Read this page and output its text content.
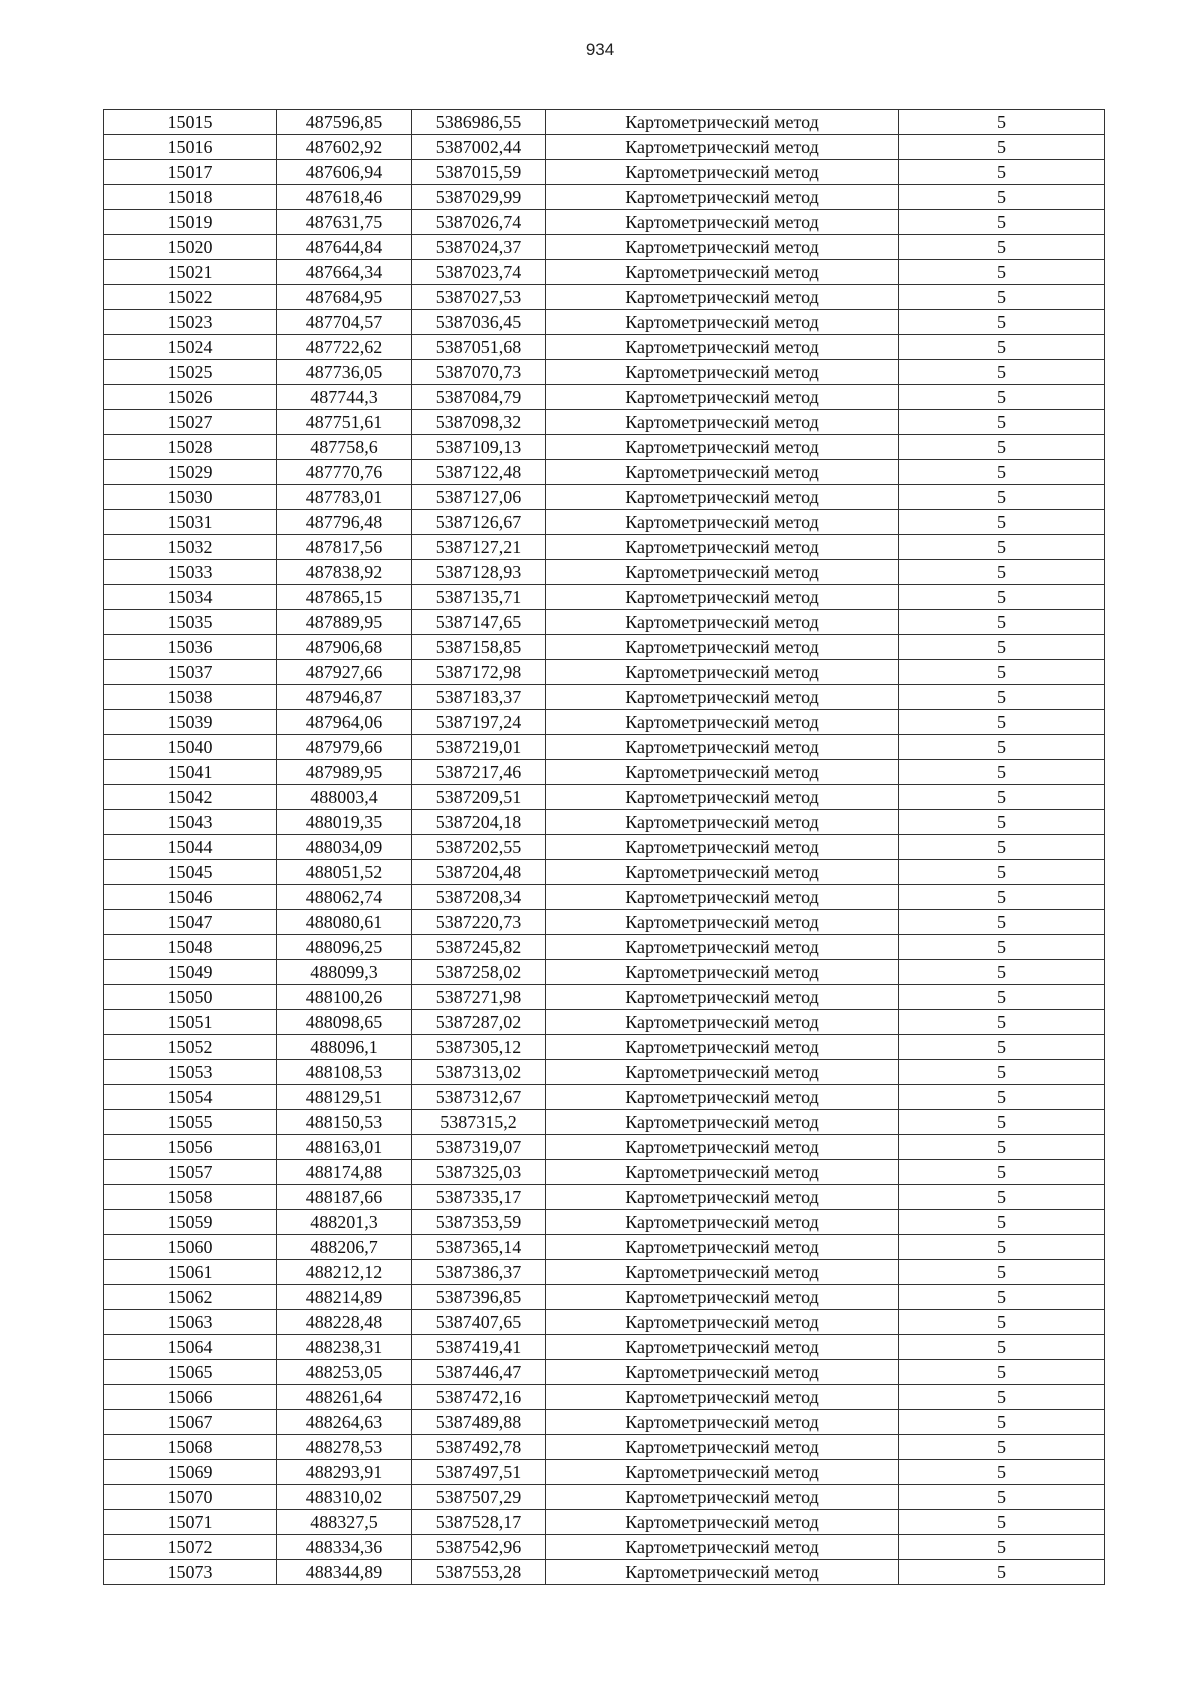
934
15015	487596,85	5386986,55	Картометрический метод	5
15016	487602,92	5387002,44	Картометрический метод	5
15017	487606,94	5387015,59	Картометрический метод	5
15018	487618,46	5387029,99	Картометрический метод	5
15019	487631,75	5387026,74	Картометрический метод	5
15020	487644,84	5387024,37	Картометрический метод	5
15021	487664,34	5387023,74	Картометрический метод	5
15022	487684,95	5387027,53	Картометрический метод	5
15023	487704,57	5387036,45	Картометрический метод	5
15024	487722,62	5387051,68	Картометрический метод	5
15025	487736,05	5387070,73	Картометрический метод	5
15026	487744,3	5387084,79	Картометрический метод	5
15027	487751,61	5387098,32	Картометрический метод	5
15028	487758,6	5387109,13	Картометрический метод	5
15029	487770,76	5387122,48	Картометрический метод	5
15030	487783,01	5387127,06	Картометрический метод	5
15031	487796,48	5387126,67	Картометрический метод	5
15032	487817,56	5387127,21	Картометрический метод	5
15033	487838,92	5387128,93	Картометрический метод	5
15034	487865,15	5387135,71	Картометрический метод	5
15035	487889,95	5387147,65	Картометрический метод	5
15036	487906,68	5387158,85	Картометрический метод	5
15037	487927,66	5387172,98	Картометрический метод	5
15038	487946,87	5387183,37	Картометрический метод	5
15039	487964,06	5387197,24	Картометрический метод	5
15040	487979,66	5387219,01	Картометрический метод	5
15041	487989,95	5387217,46	Картометрический метод	5
15042	488003,4	5387209,51	Картометрический метод	5
15043	488019,35	5387204,18	Картометрический метод	5
15044	488034,09	5387202,55	Картометрический метод	5
15045	488051,52	5387204,48	Картометрический метод	5
15046	488062,74	5387208,34	Картометрический метод	5
15047	488080,61	5387220,73	Картометрический метод	5
15048	488096,25	5387245,82	Картометрический метод	5
15049	488099,3	5387258,02	Картометрический метод	5
15050	488100,26	5387271,98	Картометрический метод	5
15051	488098,65	5387287,02	Картометрический метод	5
15052	488096,1	5387305,12	Картометрический метод	5
15053	488108,53	5387313,02	Картометрический метод	5
15054	488129,51	5387312,67	Картометрический метод	5
15055	488150,53	5387315,2	Картометрический метод	5
15056	488163,01	5387319,07	Картометрический метод	5
15057	488174,88	5387325,03	Картометрический метод	5
15058	488187,66	5387335,17	Картометрический метод	5
15059	488201,3	5387353,59	Картометрический метод	5
15060	488206,7	5387365,14	Картометрический метод	5
15061	488212,12	5387386,37	Картометрический метод	5
15062	488214,89	5387396,85	Картометрический метод	5
15063	488228,48	5387407,65	Картометрический метод	5
15064	488238,31	5387419,41	Картометрический метод	5
15065	488253,05	5387446,47	Картометрический метод	5
15066	488261,64	5387472,16	Картометрический метод	5
15067	488264,63	5387489,88	Картометрический метод	5
15068	488278,53	5387492,78	Картометрический метод	5
15069	488293,91	5387497,51	Картометрический метод	5
15070	488310,02	5387507,29	Картометрический метод	5
15071	488327,5	5387528,17	Картометрический метод	5
15072	488334,36	5387542,96	Картометрический метод	5
15073	488344,89	5387553,28	Картометрический метод	5
